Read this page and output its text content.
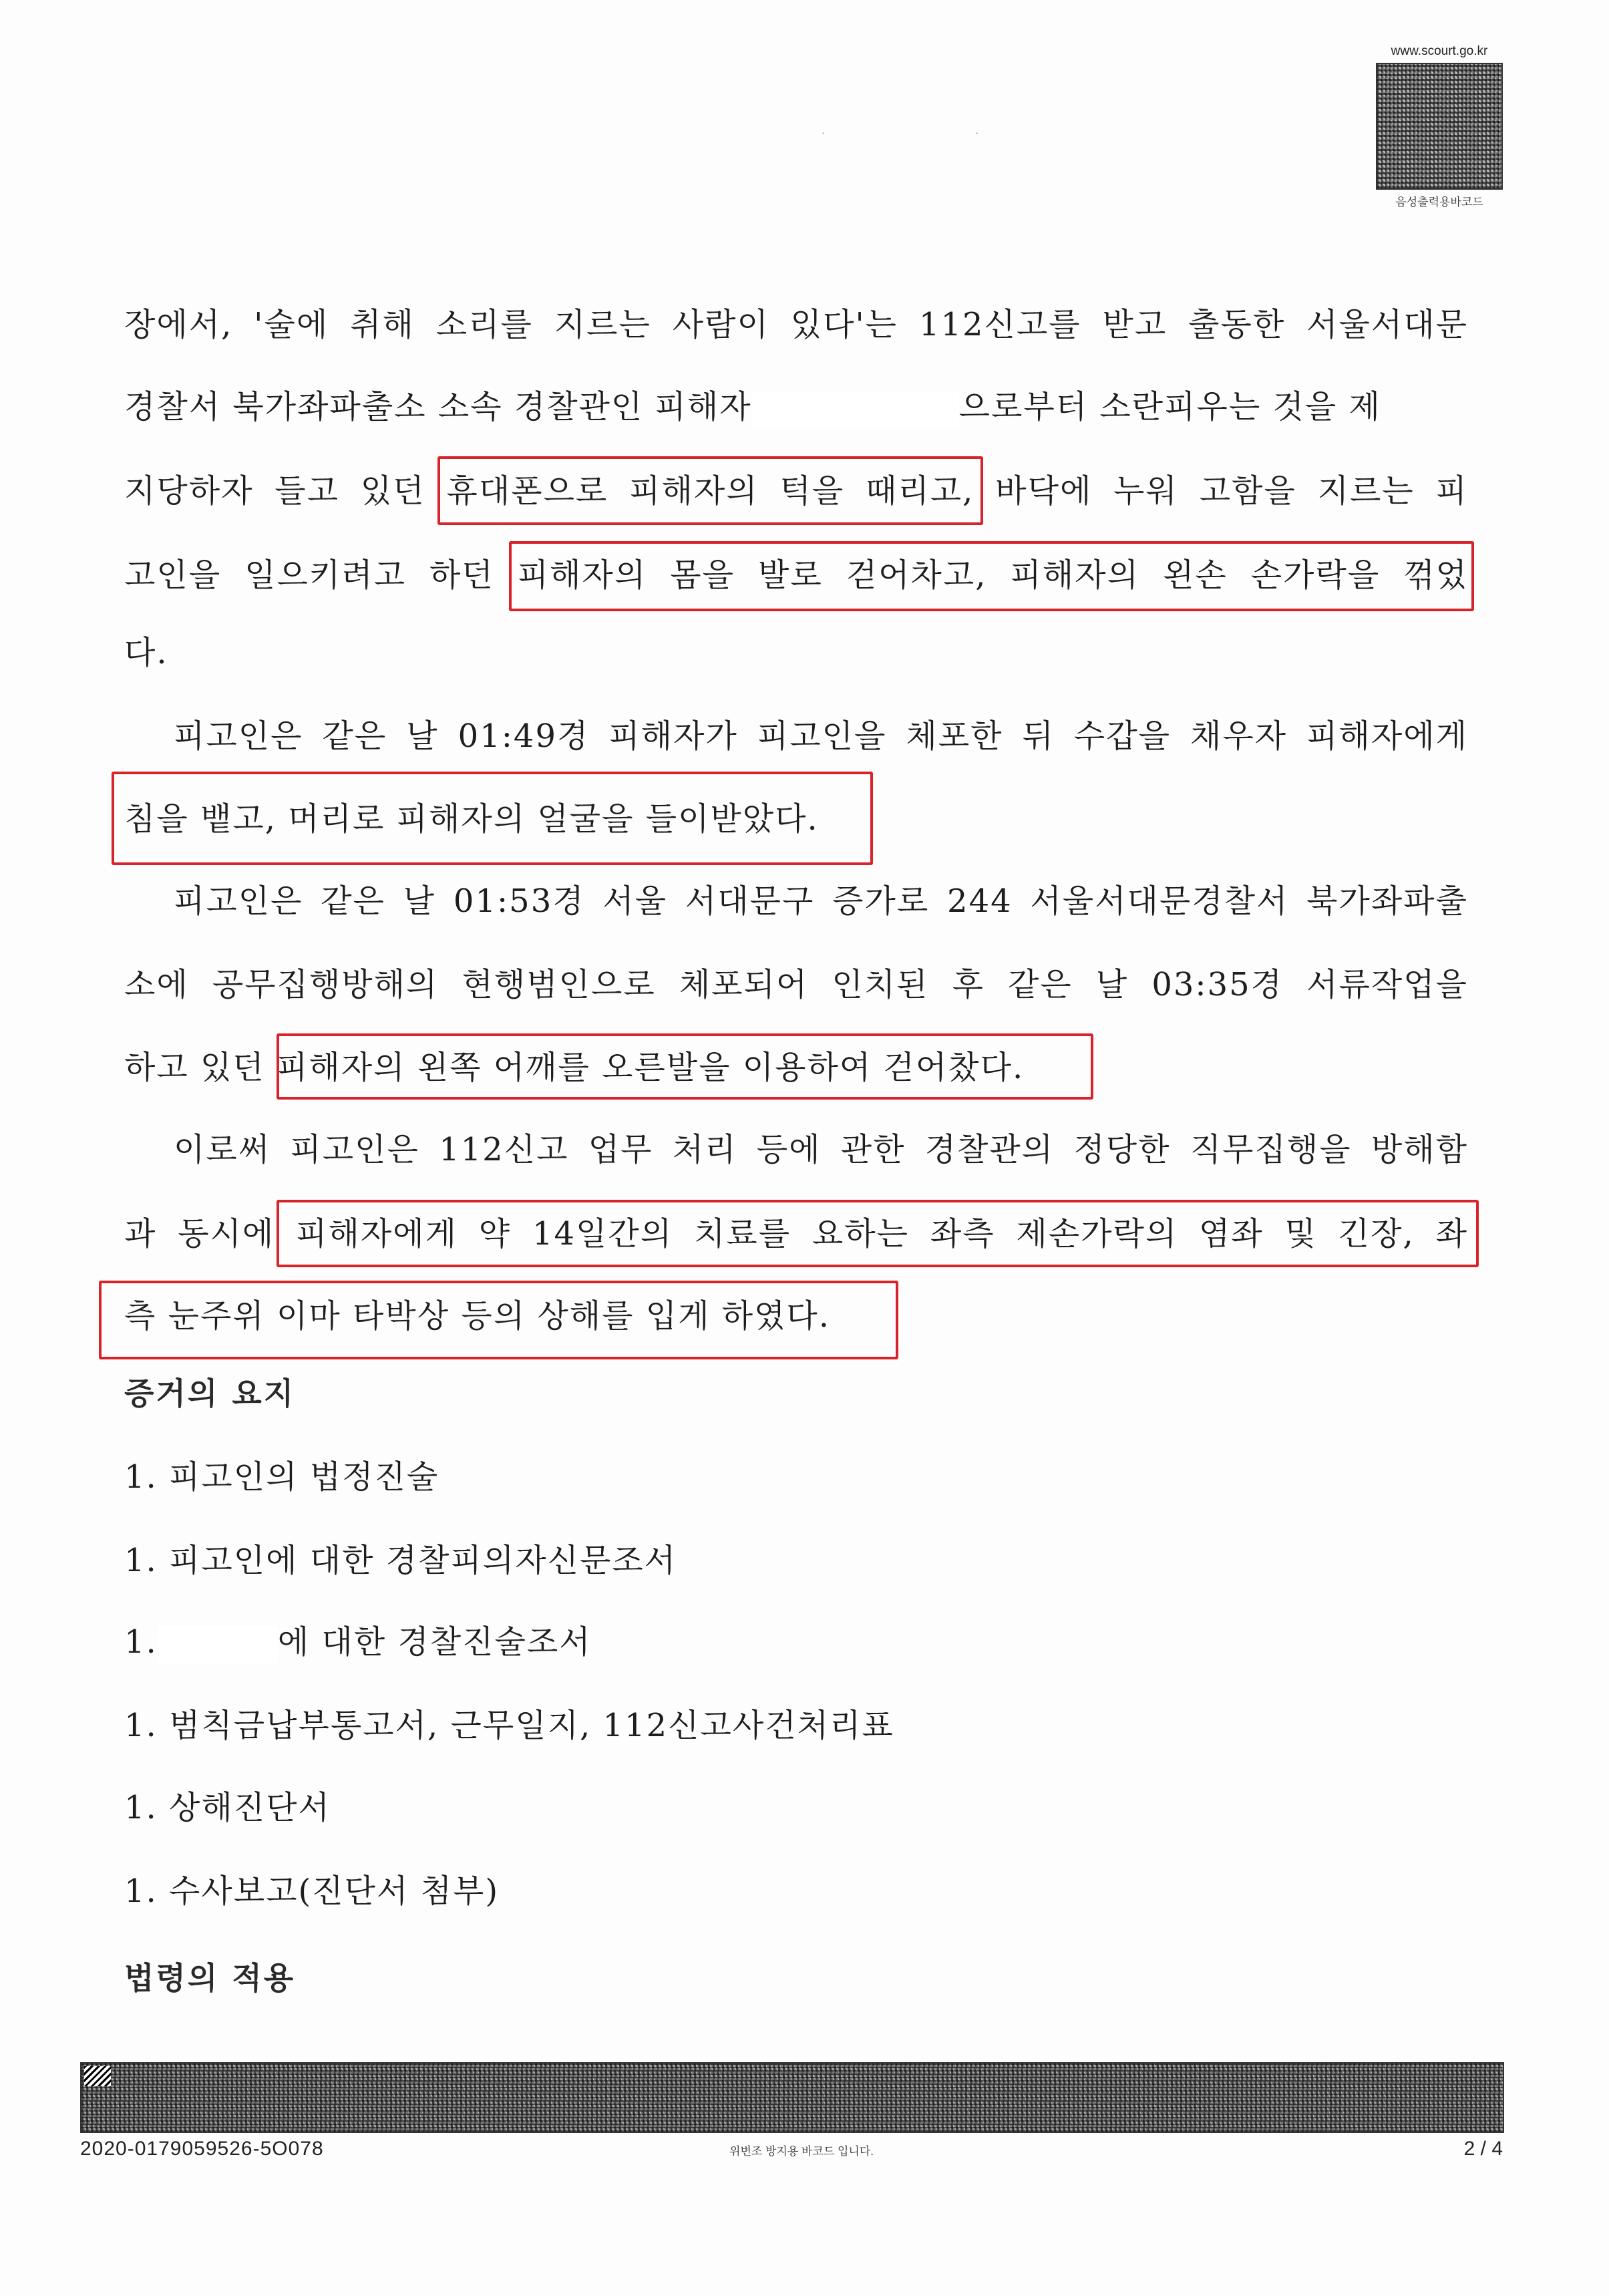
www.scourt.go.kr
음성출력용바코드
· ·
장에서, '술에 취해 소리를 지르는 사람이 있다'는 112신고를 받고 출동한 서울서대문
경찰서 북가좌파출소 소속 경찰관인 피해자	으로부터 소란피우는 것을 제
지당하자 들고 있던 휴대폰으로 피해자의 턱을 때리고, 바닥에 누워 고함을 지르는 피
고인을 일으키려고 하던 피해자의 몸을 발로 걷어차고, 피해자의 왼손 손가락을 꺾었
다.
피고인은 같은 날 01:49경 피해자가 피고인을 체포한 뒤 수갑을 채우자 피해자에게
침을 뱉고, 머리로 피해자의 얼굴을 들이받았다.
피고인은 같은 날 01:53경 서울 서대문구 증가로 244 서울서대문경찰서 북가좌파출
소에 공무집행방해의 현행범인으로 체포되어 인치된 후 같은 날 03:35경 서류작업을
하고 있던 피해자의 왼쪽 어깨를 오른발을 이용하여 걷어찼다.
이로써 피고인은 112신고 업무 처리 등에 관한 경찰관의 정당한 직무집행을 방해함
과 동시에 피해자에게 약 14일간의 치료를 요하는 좌측 제손가락의 염좌 및 긴장, 좌
측 눈주위 이마 타박상 등의 상해를 입게 하였다.
증거의 요지
1. 피고인의 법정진술
1. 피고인에 대한 경찰피의자신문조서
1.	에 대한 경찰진술조서
1. 범칙금납부통고서, 근무일지, 112신고사건처리표
1. 상해진단서
1. 수사보고(진단서 첨부)
법령의 적용
2020-0179059526-5O078	위변조 방지용 바코드 입니다.	2 / 4
